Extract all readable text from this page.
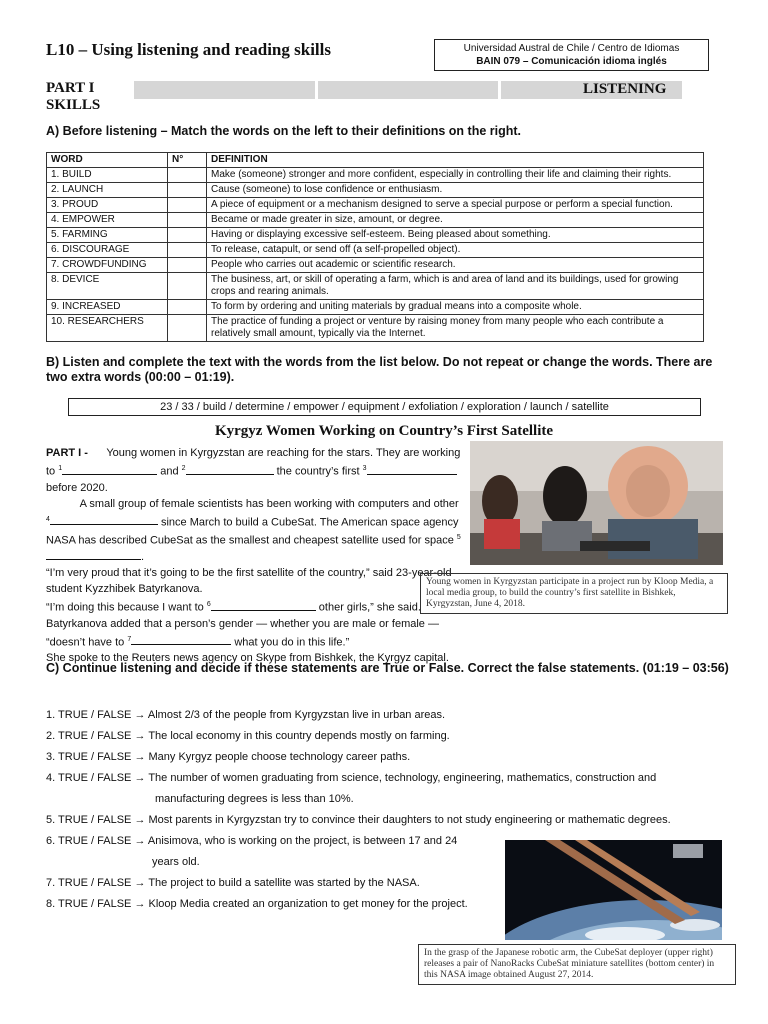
L10 – Using listening and reading skills	Universidad Austral de Chile / Centro de Idiomas
BAIN 079 – Comunicación idioma inglés
PART I SKILLS
LISTENING
A) Before listening – Match the words on the left to their definitions on the right.
WORD	N°	DEFINITION
1. BUILD		Make (someone) stronger and more confident, especially in controlling their life and claiming their rights.
2. LAUNCH		Cause (someone) to lose confidence or enthusiasm.
3. PROUD		A piece of equipment or a mechanism designed to serve a special purpose or perform a special function.
4. EMPOWER		Became or made greater in size, amount, or degree.
5. FARMING		Having or displaying excessive self-esteem. Being pleased about something.
6. DISCOURAGE		To release, catapult, or send off (a self-propelled object).
7. CROWDFUNDING		People who carries out academic or scientific research.
8. DEVICE		The business, art, or skill of operating a farm, which is and area of land and its buildings, used for growing crops and rearing animals.
9. INCREASED		To form by ordering and uniting materials by gradual means into a composite whole.
10. RESEARCHERS		The practice of funding a project or venture by raising money from many people who each contribute a relatively small amount, typically via the Internet.
B) Listen and complete the text with the words from the list below. Do not repeat or change the words. There are two extra words (00:00 – 01:19).
23 / 33 / build / determine / empower / equipment / exfoliation / exploration / launch / satellite
Kyrgyz Women Working on Country’s First Satellite

PART I - Young women in Kyrgyzstan are reaching for the stars. They are working to $^1$	and $^2$	the country’s first $^3$ before 2020.

A small group of female scientists has been working with computers and other $^4$	since March to build a CubeSat. The American space agency NASA has described CubeSat as the smallest and cheapest satellite used for space $^5$.

“I’m very proud that it’s going to be the first satellite of the country,” said 23-year-old student Kyzzhibek Batyrkanova.

“I’m doing this because I want to $^6$	other girls,” she said. Batyrkanova added that a person’s gender — whether you are male or female — “doesn’t have to $^7$	what you do in this life.”

She spoke to the Reuters news agency on Skype from Bishkek, the Kyrgyz capital.

Young women in Kyrgyzstan participate in a project run by Kloop Media, a local media group, to build the country’s first satellite in Bishkek, Kyrgyzstan, June 4, 2018.
C) Continue listening and decide if these statements are True or False. Correct the false statements. (01:19 – 03:56)
1. TRUE / FALSE → Almost 2/3 of the people from Kyrgyzstan live in urban areas.
2. TRUE / FALSE → The local economy in this country depends mostly on farming.
3. TRUE / FALSE → Many Kyrgyz people choose technology career paths.
4. TRUE / FALSE → The number of women graduating from science, technology, engineering, mathematics, construction and
manufacturing degrees is less than 10%.
5. TRUE / FALSE → Most parents in Kyrgyzstan try to convince their daughters to not study engineering or mathematic degrees.
6. TRUE / FALSE → Anisimova, who is working on the project, is between 17 and 24
years old.
7. TRUE / FALSE → The project to build a satellite was started by the NASA.
8. TRUE / FALSE → Kloop Media created an organization to get money for the project.
In the grasp of the Japanese robotic arm, the CubeSat deployer (upper right) releases a pair of NanoRacks CubeSat miniature satellites (bottom center) in this NASA image obtained August 27, 2014.
